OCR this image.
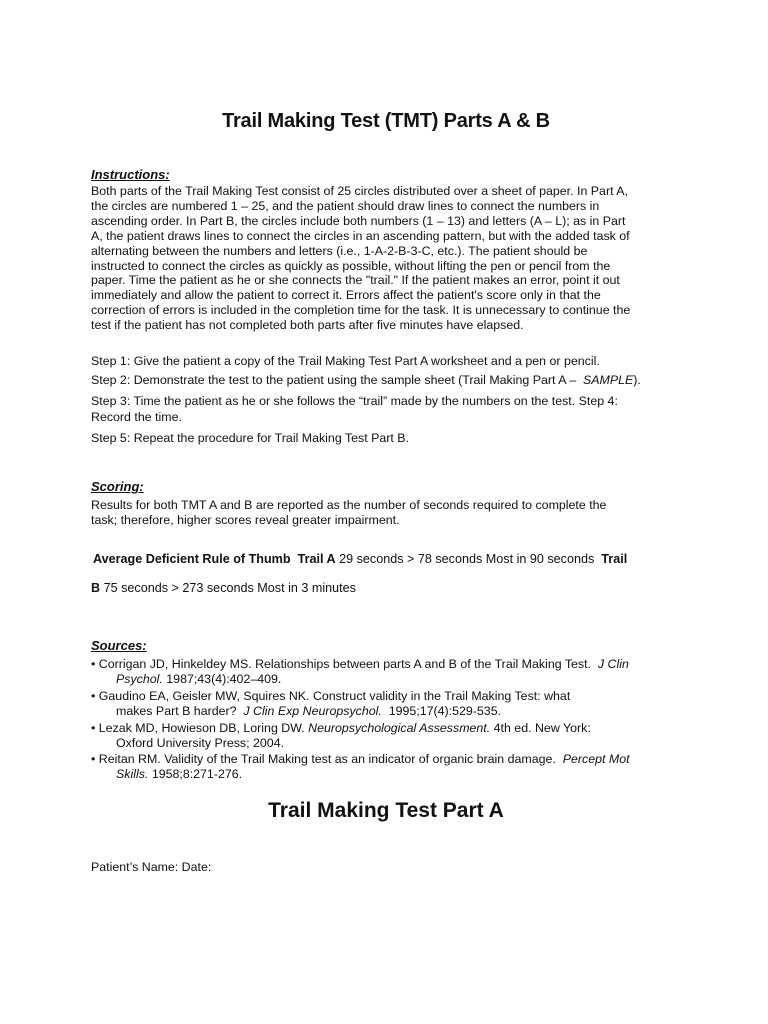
Trail Making Test (TMT) Parts A & B
Instructions:
Both parts of the Trail Making Test consist of 25 circles distributed over a sheet of paper. In Part A,
the circles are numbered 1 – 25, and the patient should draw lines to connect the numbers in
ascending order. In Part B, the circles include both numbers (1 – 13) and letters (A – L); as in Part
A, the patient draws lines to connect the circles in an ascending pattern, but with the added task of
alternating between the numbers and letters (i.e., 1-A-2-B-3-C, etc.). The patient should be
instructed to connect the circles as quickly as possible, without lifting the pen or pencil from the
paper. Time the patient as he or she connects the "trail." If the patient makes an error, point it out
immediately and allow the patient to correct it. Errors affect the patient's score only in that the
correction of errors is included in the completion time for the task. It is unnecessary to continue the
test if the patient has not completed both parts after five minutes have elapsed.
Step 1: Give the patient a copy of the Trail Making Test Part A worksheet and a pen or pencil.
Step 2: Demonstrate the test to the patient using the sample sheet (Trail Making Part A – SAMPLE).
Step 3: Time the patient as he or she follows the “trail” made by the numbers on the test. Step 4:
Record the time.
Step 5: Repeat the procedure for Trail Making Test Part B.
Scoring:
Results for both TMT A and B are reported as the number of seconds required to complete the
task; therefore, higher scores reveal greater impairment.
Average Deficient Rule of Thumb Trail A 29 seconds > 78 seconds Most in 90 seconds Trail
B 75 seconds > 273 seconds Most in 3 minutes
Sources:
• Corrigan JD, Hinkeldey MS. Relationships between parts A and B of the Trail Making Test. J Clin
Psychol. 1987;43(4):402–409.
• Gaudino EA, Geisler MW, Squires NK. Construct validity in the Trail Making Test: what
makes Part B harder? J Clin Exp Neuropsychol. 1995;17(4):529-535.
• Lezak MD, Howieson DB, Loring DW. Neuropsychological Assessment. 4th ed. New York:
Oxford University Press; 2004.
• Reitan RM. Validity of the Trail Making test as an indicator of organic brain damage. Percept Mot
Skills. 1958;8:271-276.
Trail Making Test Part A
Patient’s Name: Date:
